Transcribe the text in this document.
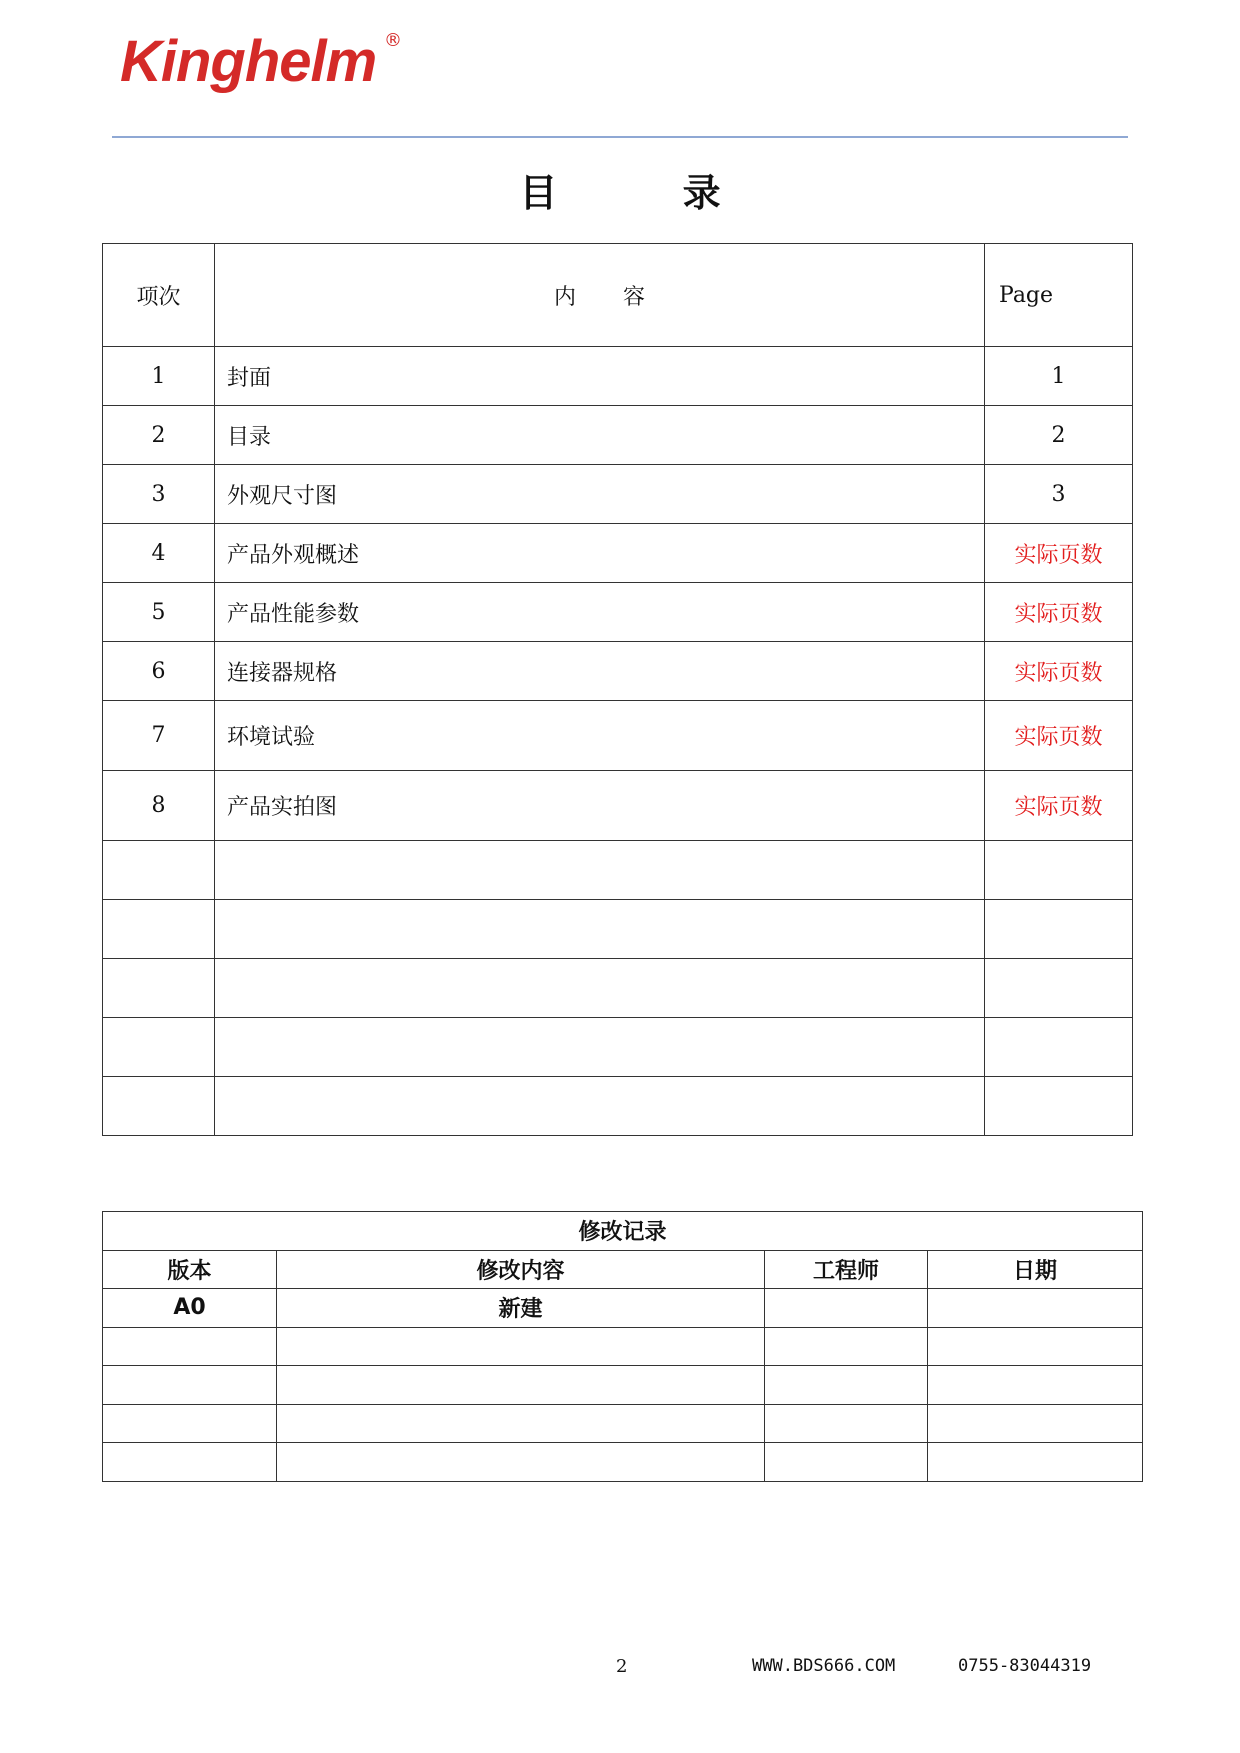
Kinghelm ®
目 录
项次	内 容	Page
1	封面	1
2	目录	2
3	外观尺寸图	3
4	产品外观概述	实际页数
5	产品性能参数	实际页数
6	连接器规格	实际页数
7	环境试验	实际页数
8	产品实拍图	实际页数

修改记录			
版本	修改内容	工程师	日期
A0	新建		

2	WWW.BDS666.COM	0755-83044319
